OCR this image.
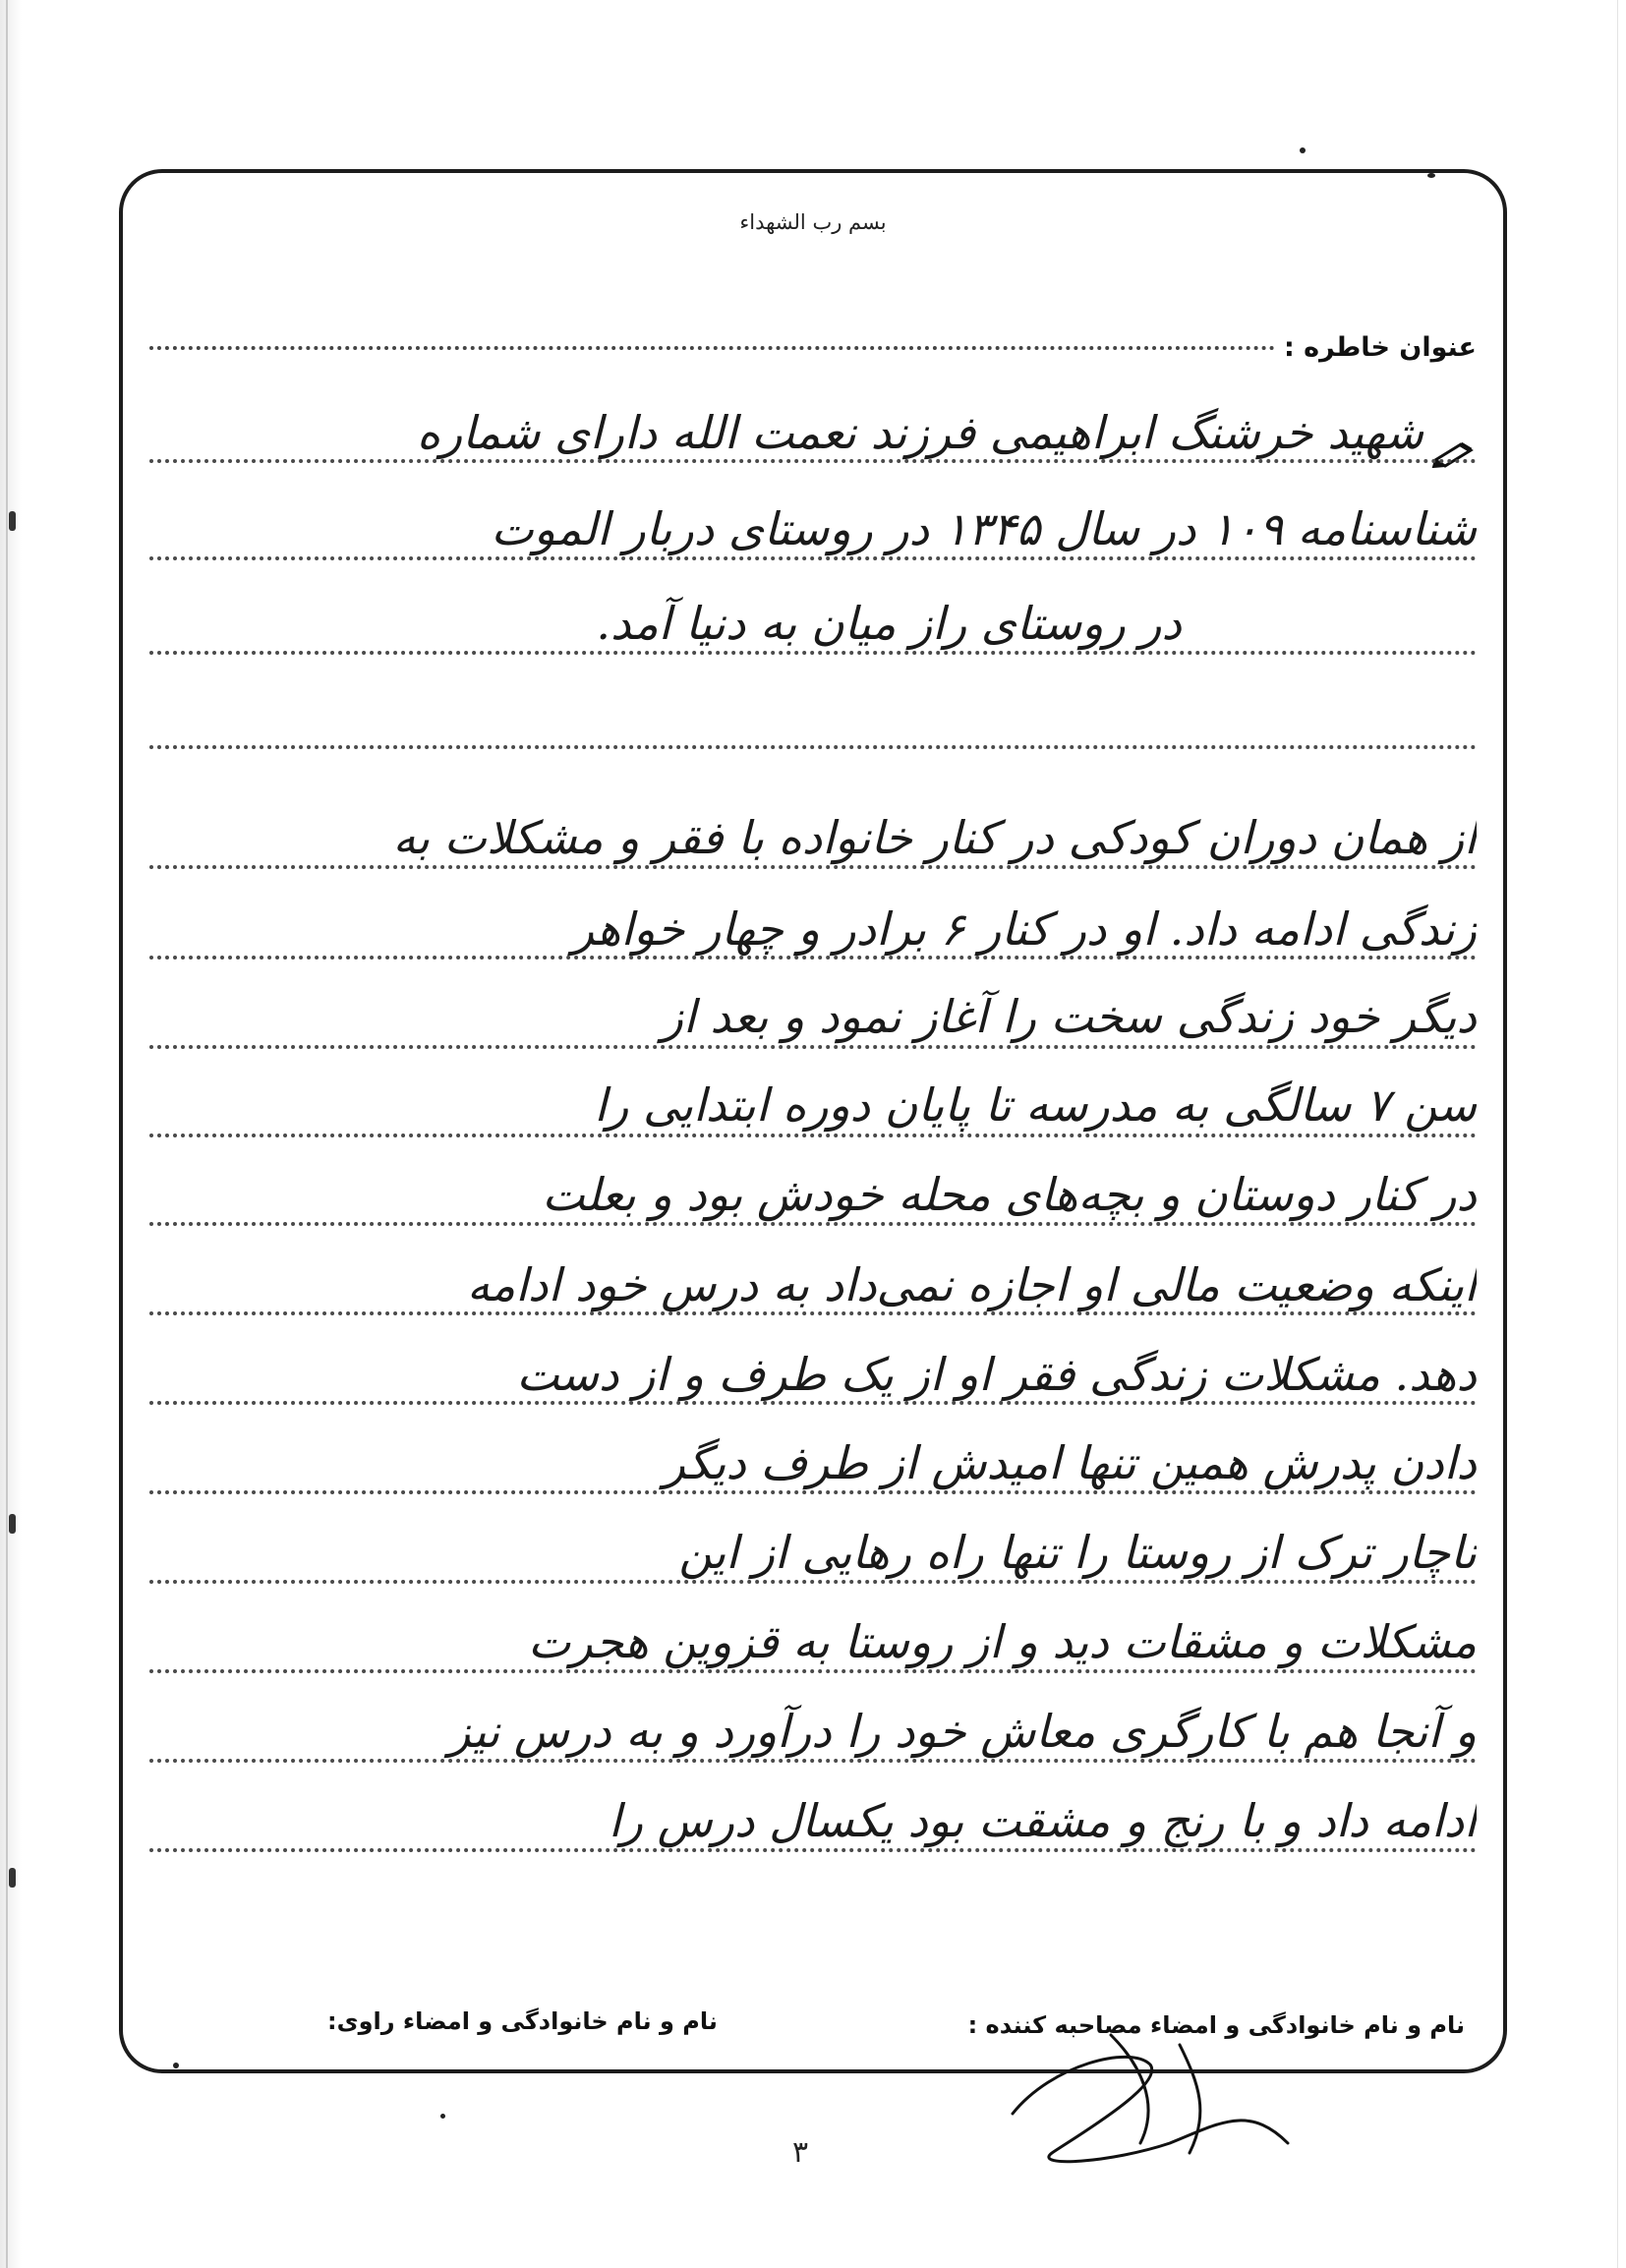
بسم رب الشهداء
عنوان خاطره :
شهید خرشنگ ابراهیمی فرزند نعمت الله دارای شماره
شناسنامه ۱۰۹ در سال ۱۳۴۵ در روستای دربار الموت
در روستای راز میان به دنیا آمد.
از همان دوران کودکی در کنار خانواده با فقر و مشکلات به
زندگی ادامه داد. او در کنار ۶ برادر و چهار خواهر
دیگر خود زندگی سخت را آغاز نمود و بعد از
سن ۷ سالگی به مدرسه تا پایان دوره ابتدایی را
در کنار دوستان و بچه‌های محله خودش بود و بعلت
اینکه وضعیت مالی او اجازه نمی‌داد به درس خود ادامه
دهد. مشکلات زندگی فقر او از یک طرف و از دست
دادن پدرش همین تنها امیدش از طرف دیگر
ناچار ترک از روستا را تنها راه رهایی از این
مشکلات و مشقات دید و از روستا به قزوین هجرت
و آنجا هم با کارگری معاش خود را درآورد و به درس نیز
ادامه داد و با رنج و مشقت بود یکسال درس را
نام و نام خانوادگی و امضاء مصاحبه کننده :
نام و نام خانوادگی و امضاء راوی:
۳
